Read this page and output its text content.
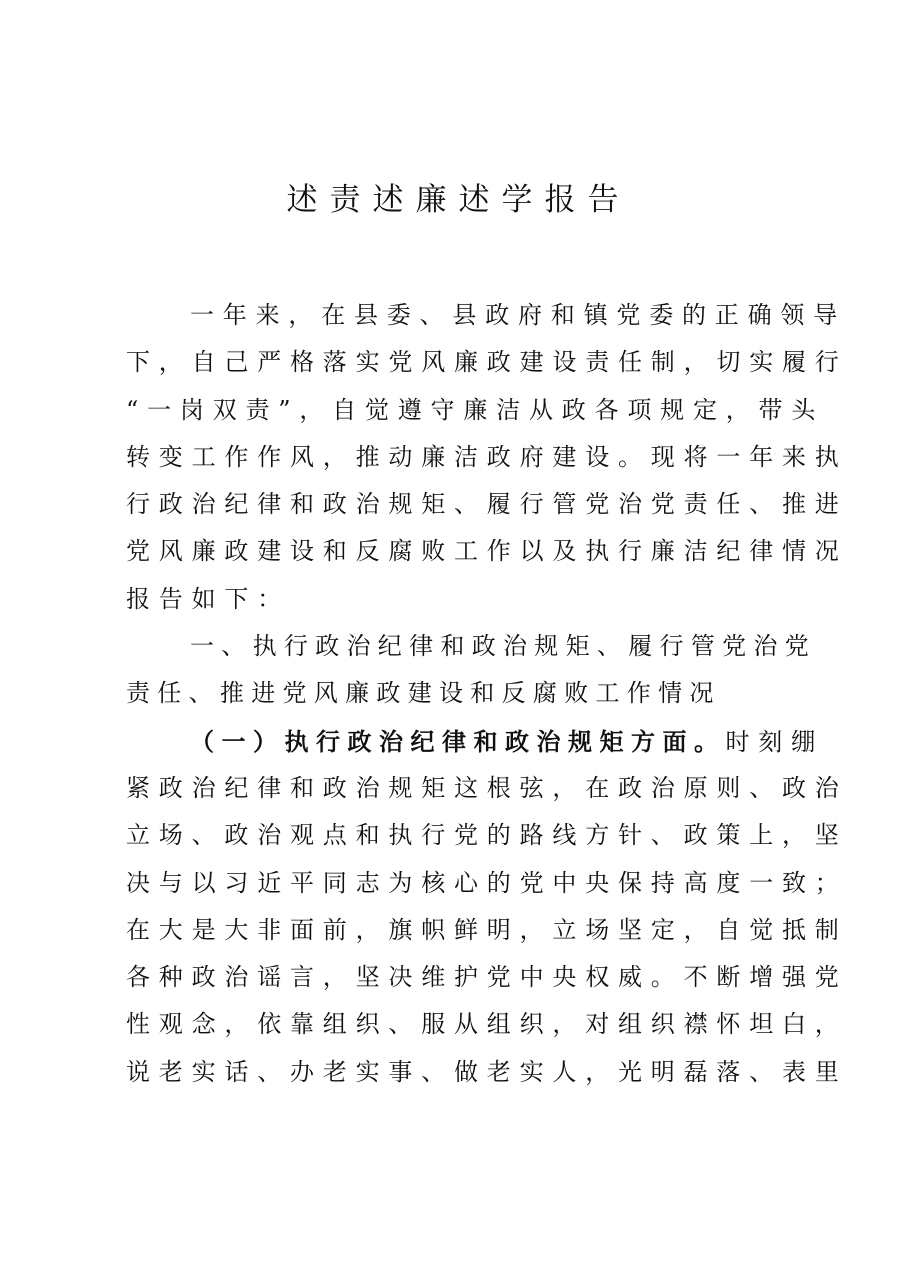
述责述廉述学报告
一年来，在县委、县政府和镇党委的正确领导
下，自己严格落实党风廉政建设责任制，切实履行
“一岗双责”，自觉遵守廉洁从政各项规定，带头
转变工作作风，推动廉洁政府建设。现将一年来执
行政治纪律和政治规矩、履行管党治党责任、推进
党风廉政建设和反腐败工作以及执行廉洁纪律情况
报告如下：
一、执行政治纪律和政治规矩、履行管党治党
责任、推进党风廉政建设和反腐败工作情况
（一）执行政治纪律和政治规矩方面。时刻绷
紧政治纪律和政治规矩这根弦，在政治原则、政治
立场、政治观点和执行党的路线方针、政策上，坚
决与以习近平同志为核心的党中央保持高度一致；
在大是大非面前，旗帜鲜明，立场坚定，自觉抵制
各种政治谣言，坚决维护党中央权威。不断增强党
性观念，依靠组织、服从组织，对组织襟怀坦白，
说老实话、办老实事、做老实人，光明磊落、表里
